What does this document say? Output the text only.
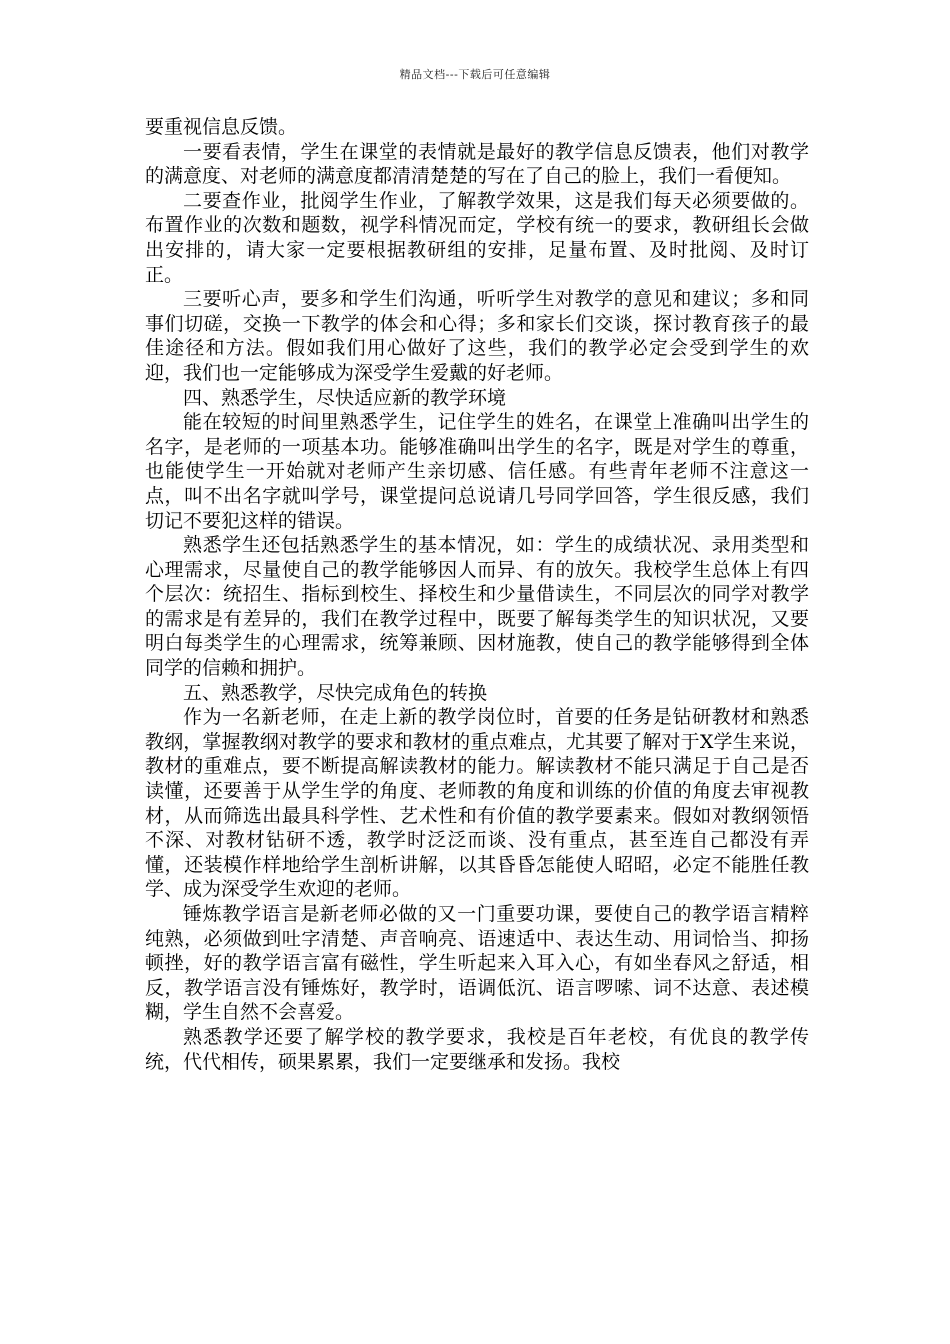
精品文档---下载后可任意编辑

要重视信息反馈。

一要看表情，学生在课堂的表情就是最好的教学信息反馈表，他们对教学的满意度、对老师的满意度都清清楚楚的写在了自己的脸上，我们一看便知。

二要查作业，批阅学生作业，了解教学效果，这是我们每天必须要做的。布置作业的次数和题数，视学科情况而定，学校有统一的要求，教研组长会做出安排的，请大家一定要根据教研组的安排，足量布置、及时批阅、及时订正。

三要听心声，要多和学生们沟通，听听学生对教学的意见和建议；多和同事们切磋，交换一下教学的体会和心得；多和家长们交谈，探讨教育孩子的最佳途径和方法。假如我们用心做好了这些，我们的教学必定会受到学生的欢迎，我们也一定能够成为深受学生爱戴的好老师。

四、熟悉学生，尽快适应新的教学环境

能在较短的时间里熟悉学生，记住学生的姓名，在课堂上准确叫出学生的名字，是老师的一项基本功。能够准确叫出学生的名字，既是对学生的尊重，也能使学生一开始就对老师产生亲切感、信任感。有些青年老师不注意这一点，叫不出名字就叫学号，课堂提问总说请几号同学回答，学生很反感，我们切记不要犯这样的错误。

熟悉学生还包括熟悉学生的基本情况，如：学生的成绩状况、录用类型和心理需求，尽量使自己的教学能够因人而异、有的放矢。我校学生总体上有四个层次：统招生、指标到校生、择校生和少量借读生，不同层次的同学对教学的需求是有差异的，我们在教学过程中，既要了解每类学生的知识状况，又要明白每类学生的心理需求，统筹兼顾、因材施教，使自己的教学能够得到全体同学的信赖和拥护。

五、熟悉教学，尽快完成角色的转换

作为一名新老师，在走上新的教学岗位时，首要的任务是钻研教材和熟悉教纲，掌握教纲对教学的要求和教材的重点难点，尤其要了解对于X学生来说，教材的重难点，要不断提高解读教材的能力。解读教材不能只满足于自己是否读懂，还要善于从学生学的角度、老师教的角度和训练的价值的角度去审视教材，从而筛选出最具科学性、艺术性和有价值的教学要素来。假如对教纲领悟不深、对教材钻研不透，教学时泛泛而谈、没有重点，甚至连自己都没有弄懂，还装模作样地给学生剖析讲解，以其昏昏怎能使人昭昭，必定不能胜任教学、成为深受学生欢迎的老师。

锤炼教学语言是新老师必做的又一门重要功课，要使自己的教学语言精粹纯熟，必须做到吐字清楚、声音响亮、语速适中、表达生动、用词恰当、抑扬顿挫，好的教学语言富有磁性，学生听起来入耳入心，有如坐春风之舒适，相反，教学语言没有锤炼好，教学时，语调低沉、语言啰嗦、词不达意、表述模糊，学生自然不会喜爱。

熟悉教学还要了解学校的教学要求，我校是百年老校，有优良的教学传统，代代相传，硕果累累，我们一定要继承和发扬。我校
